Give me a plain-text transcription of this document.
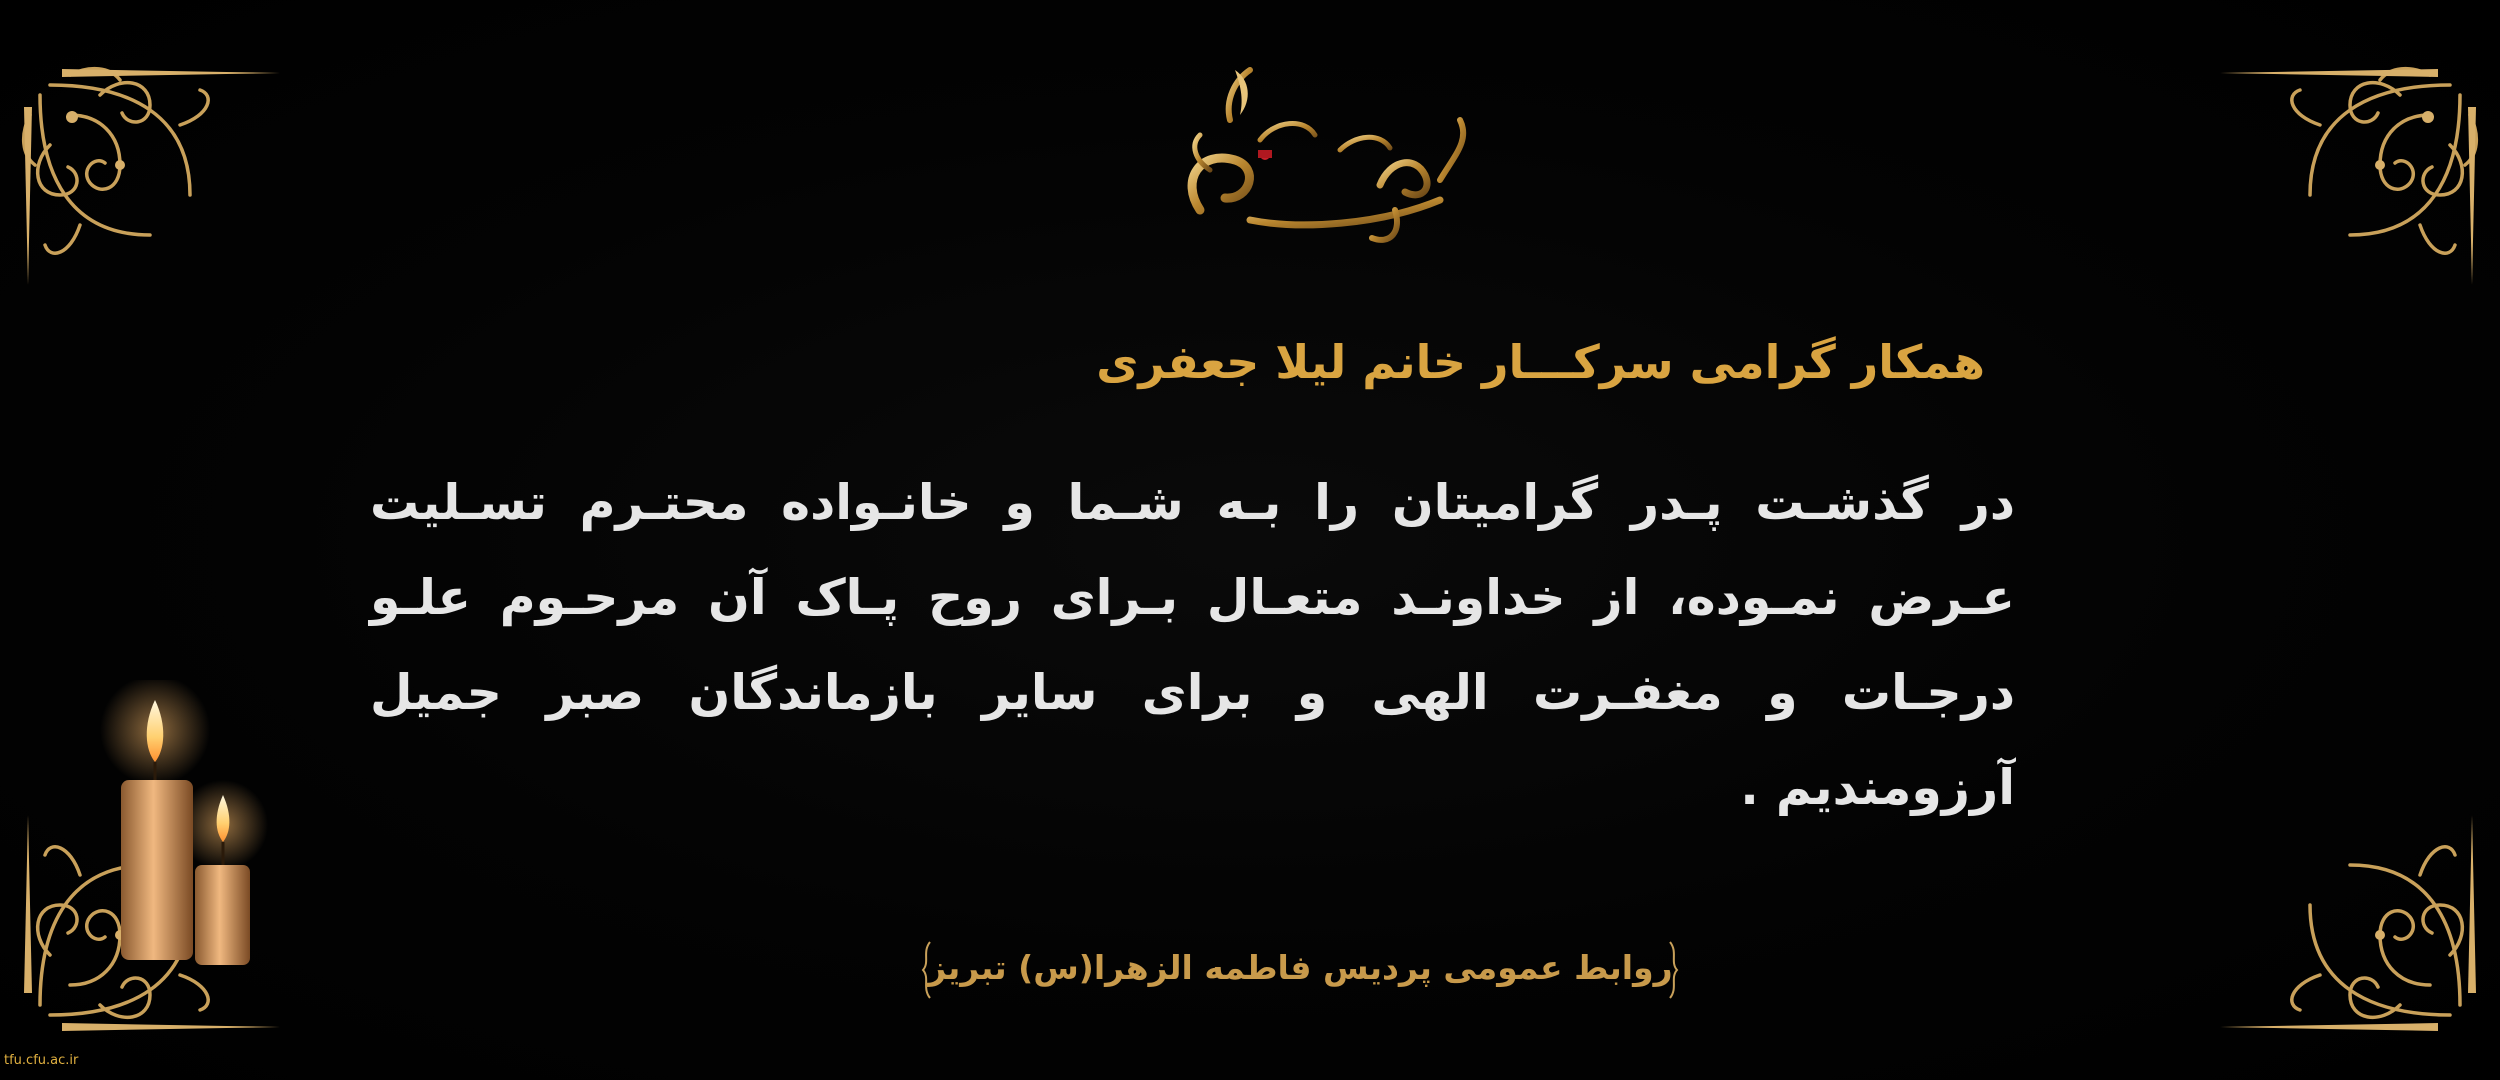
همکار گرامی سرکـــار خانم لیلا جعفری
در گذشـت پـدر گرامیتان را بـه شـما و خانـواده محتـرم تسـلیت عـرض نمـوده، از خداونـد متعـال بـرای روح پـاک آن مرحـوم علـو درجـات و مغفـرت الهی و برای سایر بازماندگان صبر جمیل آرزومندیم .
روابط عمومی پردیس فاطمه الزهرا(س) تبریز
tfu.cfu.ac.ir
